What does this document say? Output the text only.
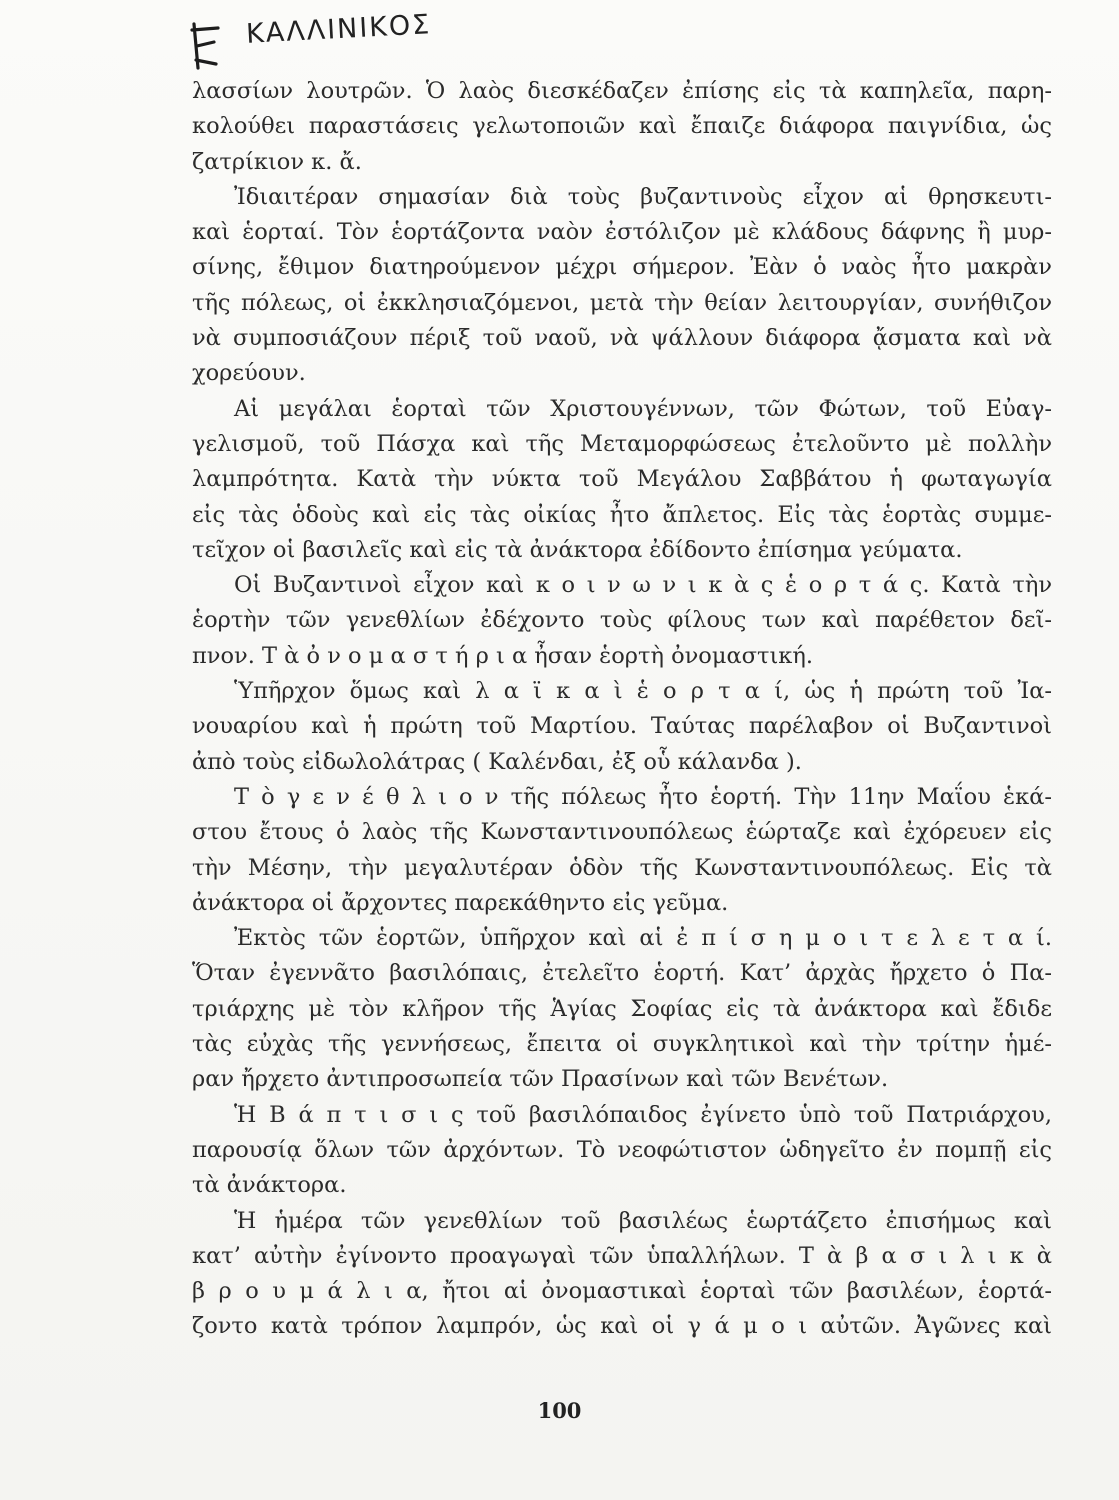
ΚΑΛΛΙΝΙΚΟΣ
λασσίων λουτρῶν. Ὁ λαὸς διεσκέδαζεν ἐπίσης εἰς τὰ καπηλεῖα, παρη-
κολούθει παραστάσεις γελωτοποιῶν καὶ ἔπαιζε διάφορα παιγνίδια, ὡς
ζατρίκιον κ. ἄ.
Ἰδιαιτέραν σημασίαν διὰ τοὺς βυζαντινοὺς εἶχον αἱ θρησκευτι-
καὶ ἑορταί. Τὸν ἑορτάζοντα ναὸν ἐστόλιζον μὲ κλάδους δάφνης ἢ μυρ-
σίνης, ἔθιμον διατηρούμενον μέχρι σήμερον. Ἐὰν ὁ ναὸς ἦτο μακρὰν
τῆς πόλεως, οἱ ἐκκλησιαζόμενοι, μετὰ τὴν θείαν λειτουργίαν, συνήθιζον
νὰ συμποσιάζουν πέριξ τοῦ ναοῦ, νὰ ψάλλουν διάφορα ᾄσματα καὶ νὰ
χορεύουν.
Αἱ μεγάλαι ἑορταὶ τῶν Χριστουγέννων, τῶν Φώτων, τοῦ Εὐαγ-
γελισμοῦ, τοῦ Πάσχα καὶ τῆς Μεταμορφώσεως ἐτελοῦντο μὲ πολλὴν
λαμπρότητα. Κατὰ τὴν νύκτα τοῦ Μεγάλου Σαββάτου ἡ φωταγωγία
εἰς τὰς ὁδοὺς καὶ εἰς τὰς οἰκίας ἦτο ἄπλετος. Εἰς τὰς ἑορτὰς συμμε-
τεῖχον οἱ βασιλεῖς καὶ εἰς τὰ ἀνάκτορα ἐδίδοντο ἐπίσημα γεύματα.
Οἱ Βυζαντινοὶ εἶχον καὶ κ ο ι ν ω ν ι κ ὰ ς ἑ ο ρ τ ά ς. Κατὰ τὴν
ἑορτὴν τῶν γενεθλίων ἐδέχοντο τοὺς φίλους των καὶ παρέθετον δεῖ-
πνον. Τ ὰ ὀ ν ο μ α σ τ ή ρ ι α ἦσαν ἑορτὴ ὀνομαστική.
Ὑπῆρχον ὅμως καὶ λ α ϊ κ α ὶ ἑ ο ρ τ α ί, ὡς ἡ πρώτη τοῦ Ἰα-
νουαρίου καὶ ἡ πρώτη τοῦ Μαρτίου. Ταύτας παρέλαβον οἱ Βυζαντινοὶ
ἀπὸ τοὺς εἰδωλολάτρας ( Καλένδαι, ἐξ οὗ κάλανδα ).
Τ ὸ γ ε ν έ θ λ ι ο ν τῆς πόλεως ἦτο ἑορτή. Τὴν 11ην Μαΐου ἑκά-
στου ἔτους ὁ λαὸς τῆς Κωνσταντινουπόλεως ἑώρταζε καὶ ἐχόρευεν εἰς
τὴν Μέσην, τὴν μεγαλυτέραν ὁδὸν τῆς Κωνσταντινουπόλεως. Εἰς τὰ
ἀνάκτορα οἱ ἄρχοντες παρεκάθηντο εἰς γεῦμα.
Ἐκτὸς τῶν ἑορτῶν, ὑπῆρχον καὶ αἱ ἐ π ί σ η μ ο ι τ ε λ ε τ α ί.
Ὅταν ἐγεννᾶτο βασιλόπαις, ἐτελεῖτο ἑορτή. Κατ’ ἀρχὰς ἤρχετο ὁ Πα-
τριάρχης μὲ τὸν κλῆρον τῆς Ἁγίας Σοφίας εἰς τὰ ἀνάκτορα καὶ ἔδιδε
τὰς εὐχὰς τῆς γεννήσεως, ἔπειτα οἱ συγκλητικοὶ καὶ τὴν τρίτην ἡμέ-
ραν ἤρχετο ἀντιπροσωπεία τῶν Πρασίνων καὶ τῶν Βενέτων.
Ἡ Β ά π τ ι σ ι ς τοῦ βασιλόπαιδος ἐγίνετο ὑπὸ τοῦ Πατριάρχου,
παρουσίᾳ ὅλων τῶν ἀρχόντων. Τὸ νεοφώτιστον ὡδηγεῖτο ἐν πομπῇ εἰς
τὰ ἀνάκτορα.
Ἡ ἡμέρα τῶν γενεθλίων τοῦ βασιλέως ἑωρτάζετο ἐπισήμως καὶ
κατ’ αὐτὴν ἐγίνοντο προαγωγαὶ τῶν ὑπαλλήλων. Τ ὰ β α σ ι λ ι κ ὰ
β ρ ο υ μ ά λ ι α, ἤτοι αἱ ὀνομαστικαὶ ἑορταὶ τῶν βασιλέων, ἑορτά-
ζοντο κατὰ τρόπον λαμπρόν, ὡς καὶ οἱ γ ά μ ο ι αὐτῶν. Ἀγῶνες καὶ
100
